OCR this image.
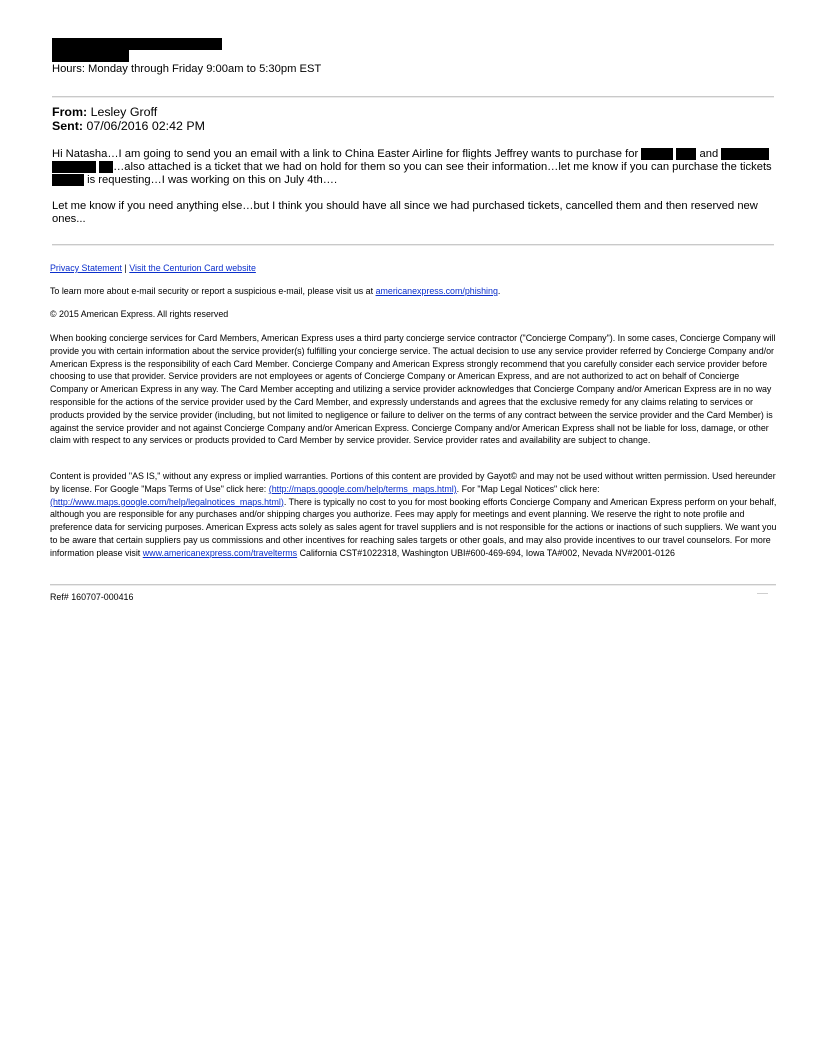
Hours: Monday through Friday 9:00am to 5:30pm EST
From: Lesley Groff
Sent: 07/06/2016 02:42 PM
Hi Natasha…I am going to send you an email with a link to China Easter Airline for flights Jeffrey wants to purchase for	and   …also attached is a ticket that we had on hold for them so you can see their information…let me know if you can purchase the tickets  is requesting…I was working on this on July 4th….
Let me know if you need anything else…but I think you should have all since we had purchased tickets, cancelled them and then reserved new ones...
Privacy Statement | Visit the Centurion Card website
To learn more about e-mail security or report a suspicious e-mail, please visit us at americanexpress.com/phishing.
© 2015 American Express. All rights reserved
When booking concierge services for Card Members, American Express uses a third party concierge service contractor ("Concierge Company"). In some cases, Concierge Company will provide you with certain information about the service provider(s) fulfilling your concierge service. The actual decision to use any service provider referred by Concierge Company and/or American Express is the responsibility of each Card Member. Concierge Company and American Express strongly recommend that you carefully consider each service provider before choosing to use that provider. Service providers are not employees or agents of Concierge Company or American Express, and are not authorized to act on behalf of Concierge Company or American Express in any way. The Card Member accepting and utilizing a service provider acknowledges that Concierge Company and/or American Express are in no way responsible for the actions of the service provider used by the Card Member, and expressly understands and agrees that the exclusive remedy for any claims relating to services or products provided by the service provider (including, but not limited to negligence or failure to deliver on the terms of any contract between the service provider and the Card Member) is against the service provider and not against Concierge Company and/or American Express. Concierge Company and/or American Express shall not be liable for loss, damage, or other claim with respect to any services or products provided to Card Member by service provider. Service provider rates and availability are subject to change.
Content is provided "AS IS," without any express or implied warranties. Portions of this content are provided by Gayot© and may not be used without written permission. Used hereunder by license. For Google "Maps Terms of Use" click here: (http://maps.google.com/help/terms_maps.html). For "Map Legal Notices" click here: (http://www.maps.google.com/help/legalnotices_maps.html). There is typically no cost to you for most booking efforts Concierge Company and American Express perform on your behalf, although you are responsible for any purchases and/or shipping charges you authorize. Fees may apply for meetings and event planning. We reserve the right to note profile and preference data for servicing purposes. American Express acts solely as sales agent for travel suppliers and is not responsible for the actions or inactions of such suppliers. We want you to be aware that certain suppliers pay us commissions and other incentives for reaching sales targets or other goals, and may also provide incentives to our travel counselors. For more information please visit www.americanexpress.com/travelterms California CST#1022318, Washington UBI#600-469-694, Iowa TA#002, Nevada NV#2001-0126
Ref# 160707-000416
